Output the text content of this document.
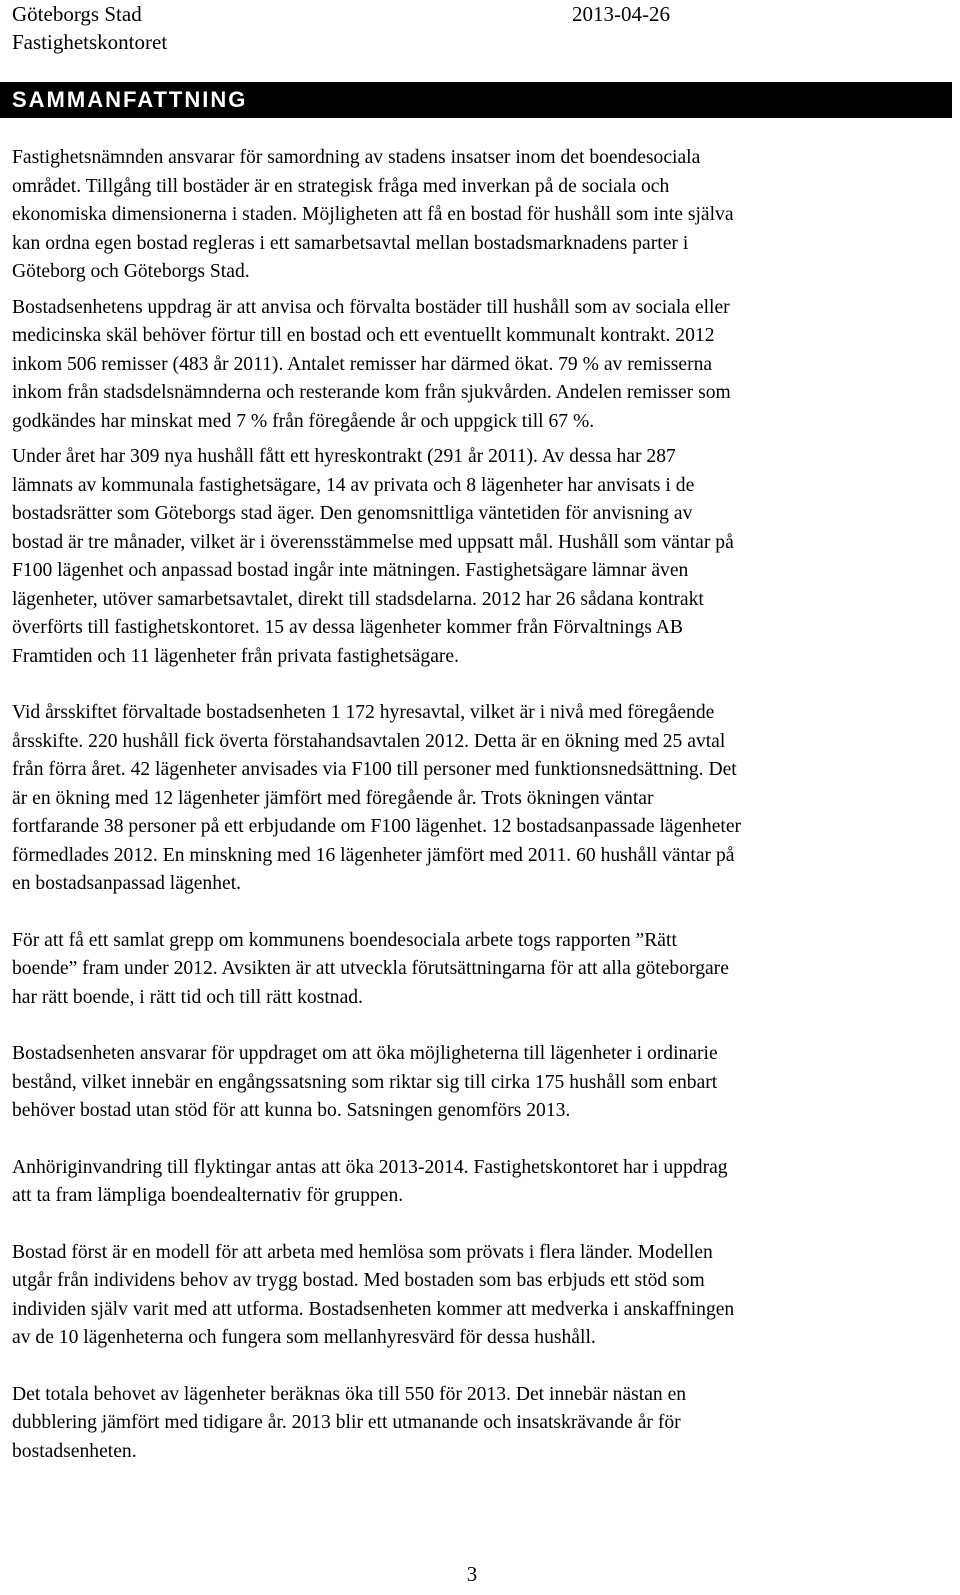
Göteborgs Stad
Fastighetskontoret
2013-04-26
SAMMANFATTNING
Fastighetsnämnden ansvarar för samordning av stadens insatser inom det boendesociala
området. Tillgång till bostäder är en strategisk fråga med inverkan på de sociala och
ekonomiska dimensionerna i staden. Möjligheten att få en bostad för hushåll som inte själva
kan ordna egen bostad regleras i ett samarbetsavtal mellan bostadsmarknadens parter i
Göteborg och Göteborgs Stad.
Bostadsenhetens uppdrag är att anvisa och förvalta bostäder till hushåll som av sociala eller
medicinska skäl behöver förtur till en bostad och ett eventuellt kommunalt kontrakt. 2012
inkom 506 remisser (483 år 2011). Antalet remisser har därmed ökat. 79 % av remisserna
inkom från stadsdelsnämnderna och resterande kom från sjukvården. Andelen remisser som
godkändes har minskat med 7 % från föregående år och uppgick till 67 %.
Under året har 309 nya hushåll fått ett hyreskontrakt (291 år 2011). Av dessa har 287
lämnats av kommunala fastighetsägare, 14 av privata och 8 lägenheter har anvisats i de
bostadsrätter som Göteborgs stad äger. Den genomsnittliga väntetiden för anvisning av
bostad är tre månader, vilket är i överensstämmelse med uppsatt mål. Hushåll som väntar på
F100 lägenhet och anpassad bostad ingår inte mätningen. Fastighetsägare lämnar även
lägenheter, utöver samarbetsavtalet, direkt till stadsdelarna. 2012 har 26 sådana kontrakt
överförts till fastighetskontoret. 15 av dessa lägenheter kommer från Förvaltnings AB
Framtiden och 11 lägenheter från privata fastighetsägare.
Vid årsskiftet förvaltade bostadsenheten 1 172 hyresavtal, vilket är i nivå med föregående
årsskifte. 220 hushåll fick överta förstahandsavtalen 2012. Detta är en ökning med 25 avtal
från förra året. 42 lägenheter anvisades via F100 till personer med funktionsnedsättning. Det
är en ökning med 12 lägenheter jämfört med föregående år. Trots ökningen väntar
fortfarande 38 personer på ett erbjudande om F100 lägenhet. 12 bostadsanpassade lägenheter
förmedlades 2012. En minskning med 16 lägenheter jämfört med 2011. 60 hushåll väntar på
en bostadsanpassad lägenhet.
För att få ett samlat grepp om kommunens boendesociala arbete togs rapporten ”Rätt
boende” fram under 2012. Avsikten är att utveckla förutsättningarna för att alla göteborgare
har rätt boende, i rätt tid och till rätt kostnad.
Bostadsenheten ansvarar för uppdraget om att öka möjligheterna till lägenheter i ordinarie
bestånd, vilket innebär en engångssatsning som riktar sig till cirka 175 hushåll som enbart
behöver bostad utan stöd för att kunna bo. Satsningen genomförs 2013.
Anhöriginvandring till flyktingar antas att öka 2013-2014. Fastighetskontoret har i uppdrag
att ta fram lämpliga boendealternativ för gruppen.
Bostad först är en modell för att arbeta med hemlösa som prövats i flera länder. Modellen
utgår från individens behov av trygg bostad. Med bostaden som bas erbjuds ett stöd som
individen själv varit med att utforma. Bostadsenheten kommer att medverka i anskaffningen
av de 10 lägenheterna och fungera som mellanhyresvärd för dessa hushåll.
Det totala behovet av lägenheter beräknas öka till 550 för 2013. Det innebär nästan en
dubblering jämfört med tidigare år. 2013 blir ett utmanande och insatskrävande år för
bostadsenheten.
3
